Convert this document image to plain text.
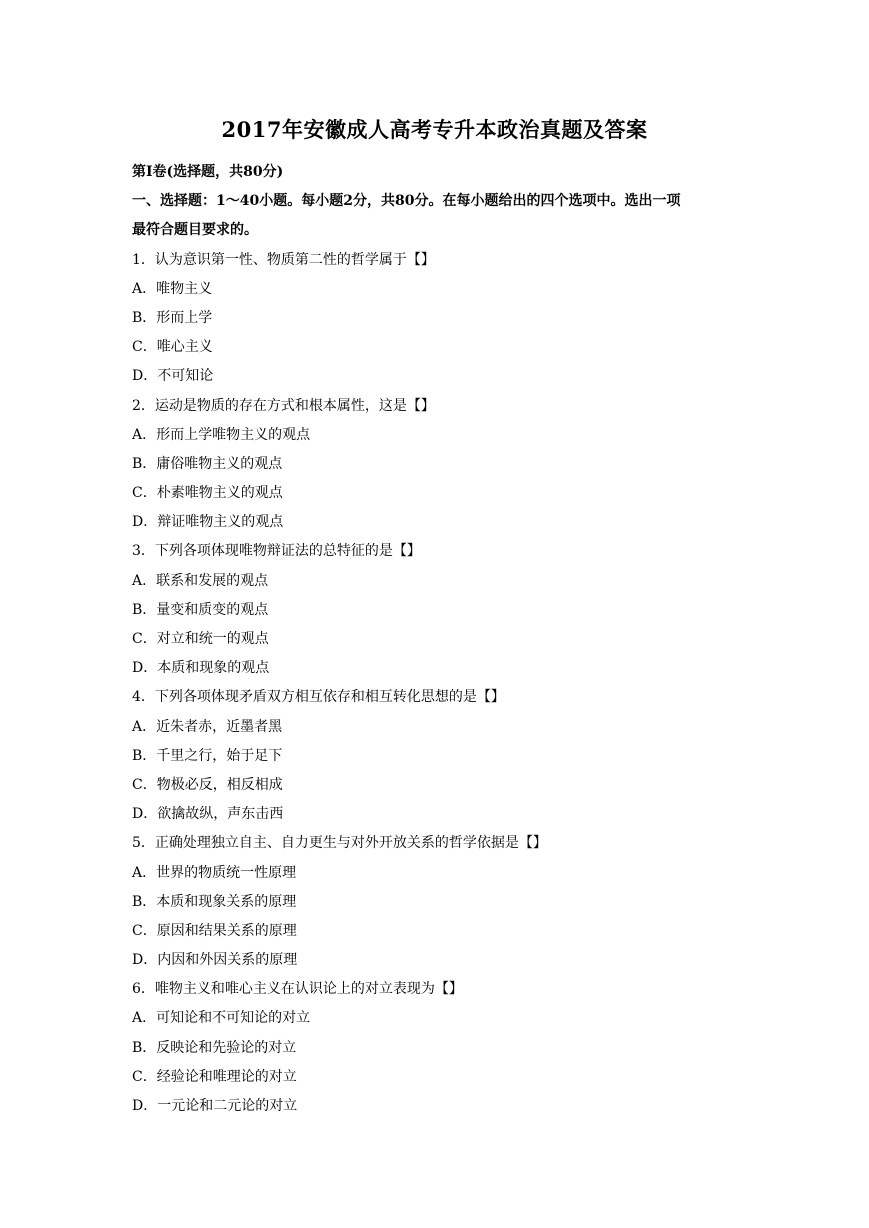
2017年安徽成人高考专升本政治真题及答案
第Ⅰ卷(选择题，共80分)
一、选择题：1～40小题。每小题2分，共80分。在每小题给出的四个选项中。选出一项
最符合题目要求的。
1．认为意识第一性、物质第二性的哲学属于【】
A．唯物主义
B．形而上学
C．唯心主义
D．不可知论
2．运动是物质的存在方式和根本属性，这是【】
A．形而上学唯物主义的观点
B．庸俗唯物主义的观点
C．朴素唯物主义的观点
D．辩证唯物主义的观点
3．下列各项体现唯物辩证法的总特征的是【】
A．联系和发展的观点
B．量变和质变的观点
C．对立和统一的观点
D．本质和现象的观点
4．下列各项体现矛盾双方相互依存和相互转化思想的是【】
A．近朱者赤，近墨者黑
B．千里之行，始于足下
C．物极必反，相反相成
D．欲擒故纵，声东击西
5．正确处理独立自主、自力更生与对外开放关系的哲学依据是【】
A．世界的物质统一性原理
B．本质和现象关系的原理
C．原因和结果关系的原理
D．内因和外因关系的原理
6．唯物主义和唯心主义在认识论上的对立表现为【】
A．可知论和不可知论的对立
B．反映论和先验论的对立
C．经验论和唯理论的对立
D．一元论和二元论的对立
